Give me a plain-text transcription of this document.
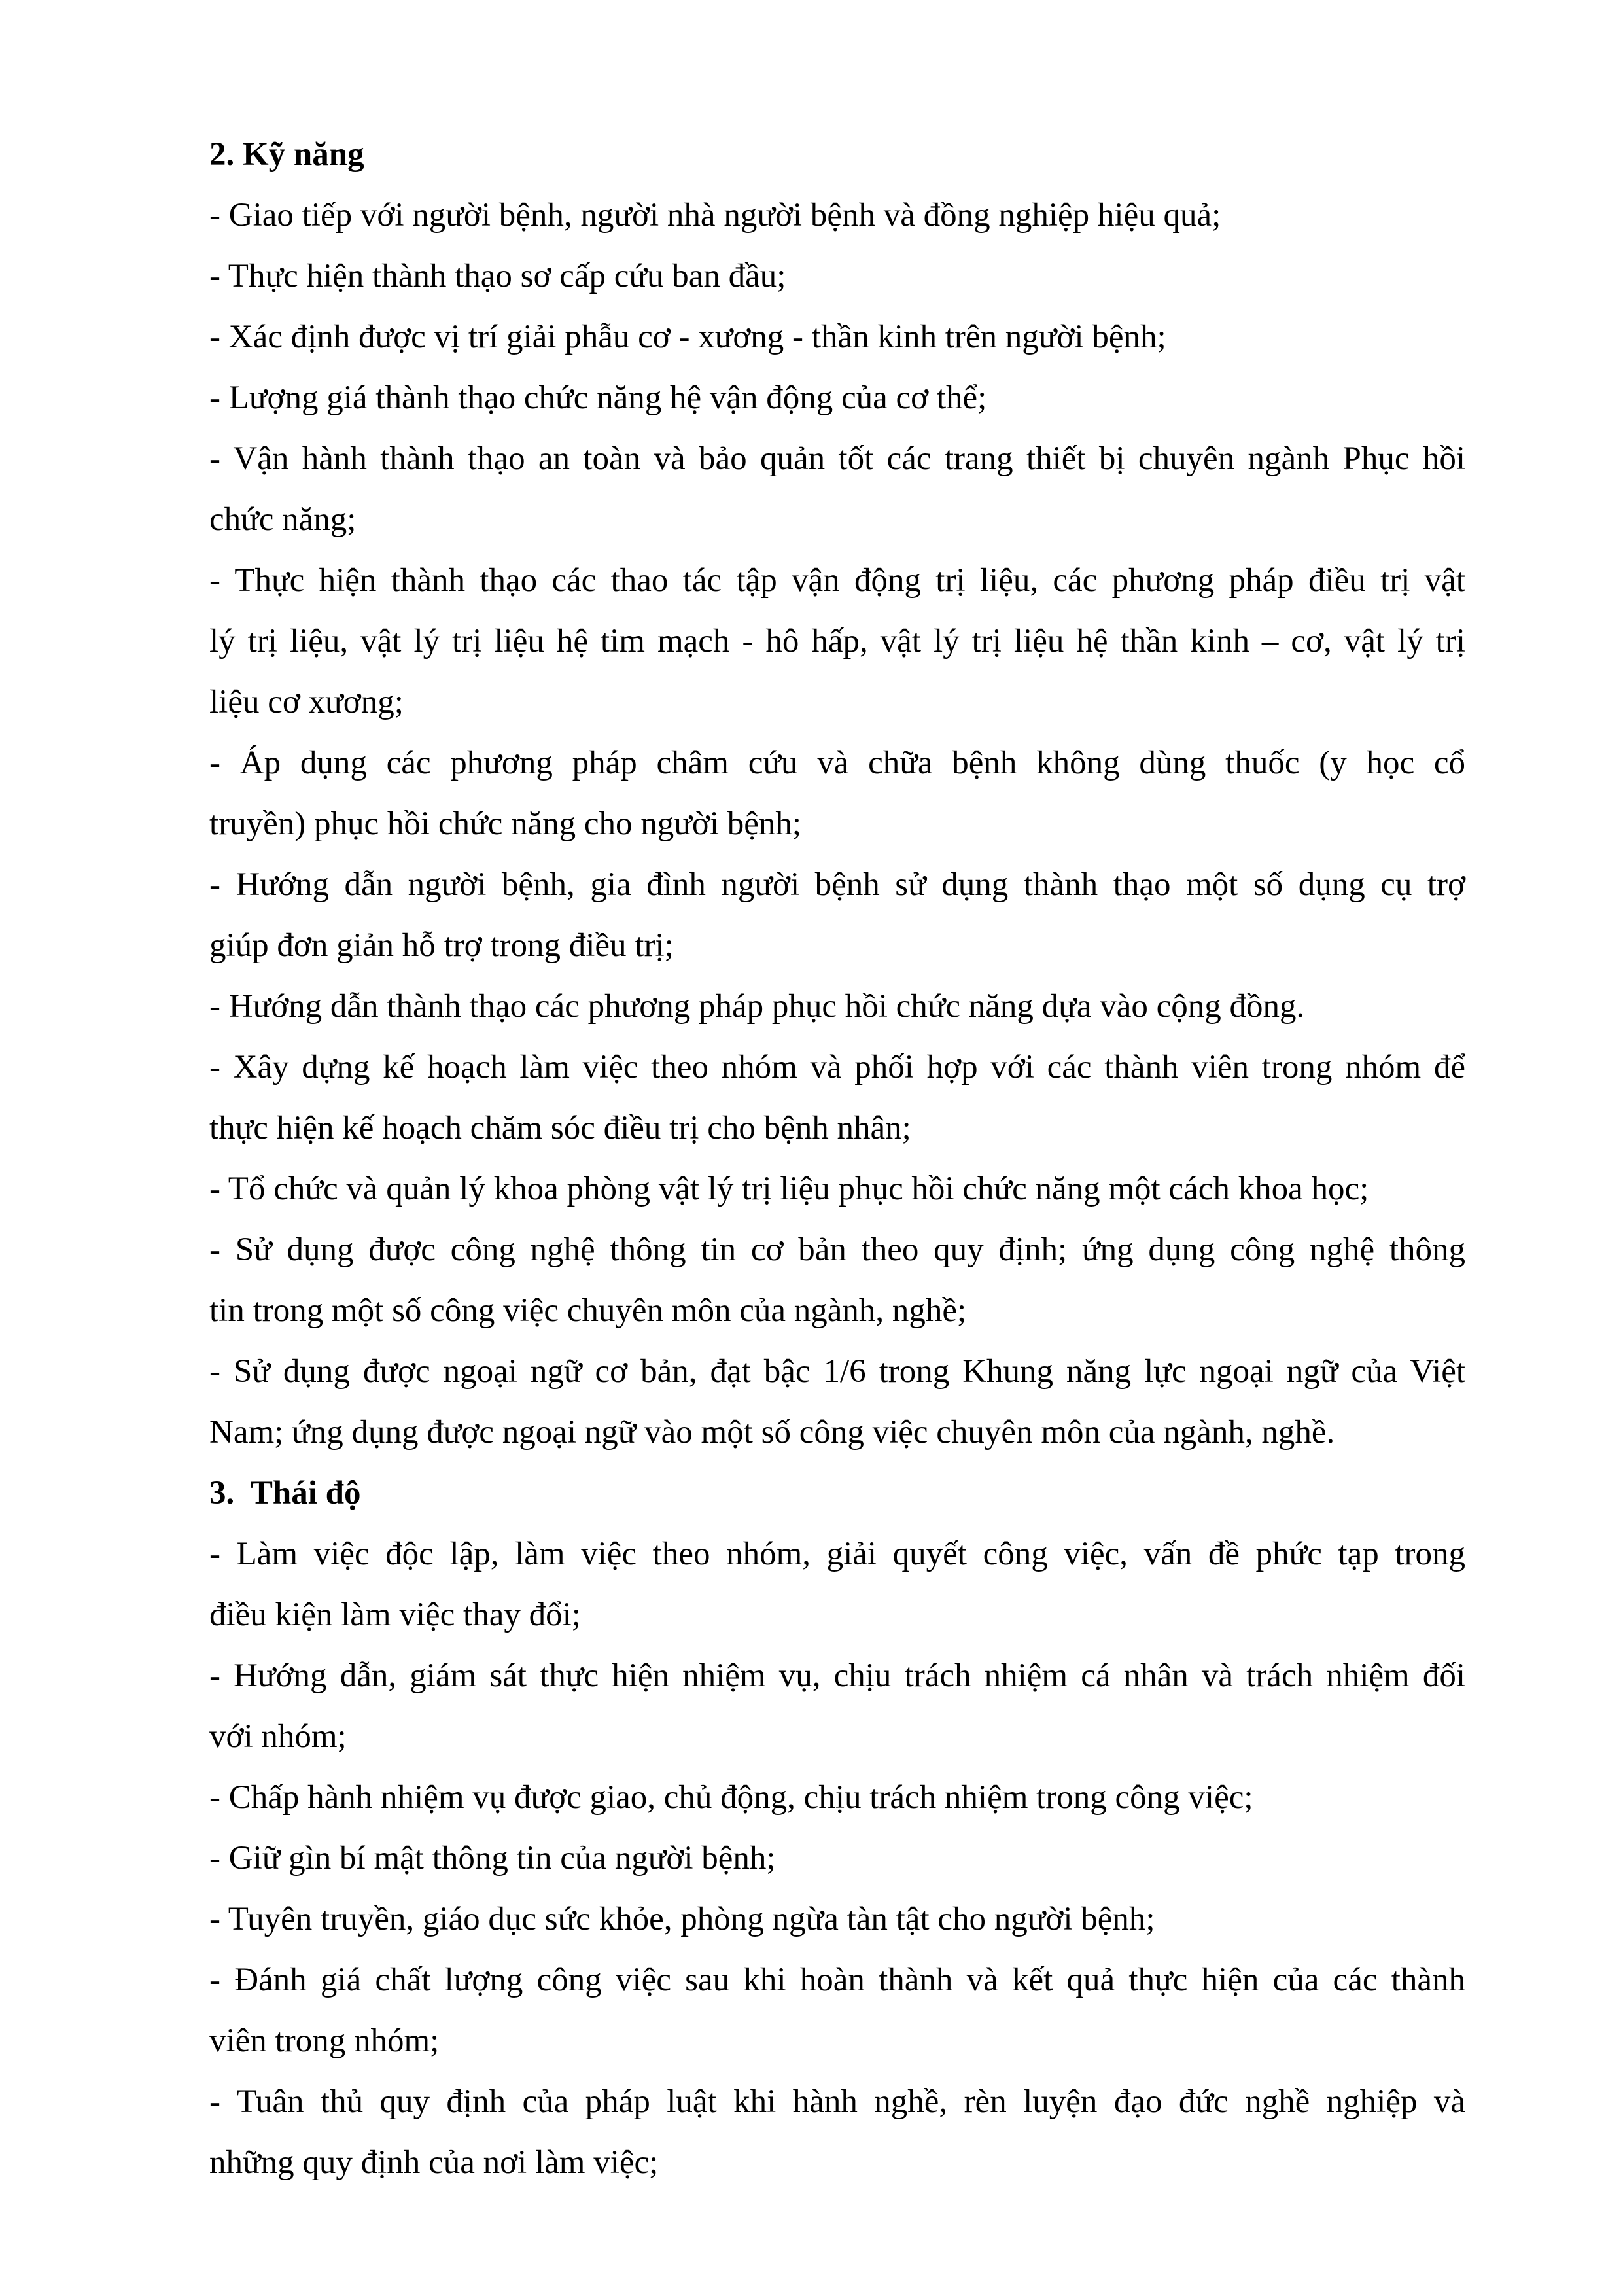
2. Kỹ năng
- Giao tiếp với người bệnh, người nhà người bệnh và đồng nghiệp hiệu quả;
- Thực hiện thành thạo sơ cấp cứu ban đầu;
- Xác định được vị trí giải phẫu cơ - xương - thần kinh trên người bệnh;
- Lượng giá thành thạo chức năng hệ vận động của cơ thể;
- Vận hành thành thạo an toàn và bảo quản tốt các trang thiết bị chuyên ngành Phục hồi
chức năng;
- Thực hiện thành thạo các thao tác tập vận động trị liệu, các phương pháp điều trị vật
lý trị liệu, vật lý trị liệu hệ tim mạch - hô hấp, vật lý trị liệu hệ thần kinh – cơ, vật lý trị
liệu cơ xương;
- Áp dụng các phương pháp châm cứu và chữa bệnh không dùng thuốc (y học cổ
truyền) phục hồi chức năng cho người bệnh;
- Hướng dẫn người bệnh, gia đình người bệnh sử dụng thành thạo một số dụng cụ trợ
giúp đơn giản hỗ trợ trong điều trị;
- Hướng dẫn thành thạo các phương pháp phục hồi chức năng dựa vào cộng đồng.
- Xây dựng kế hoạch làm việc theo nhóm và phối hợp với các thành viên trong nhóm để
thực hiện kế hoạch chăm sóc điều trị cho bệnh nhân;
- Tổ chức và quản lý khoa phòng vật lý trị liệu phục hồi chức năng một cách khoa học;
- Sử dụng được công nghệ thông tin cơ bản theo quy định; ứng dụng công nghệ thông
tin trong một số công việc chuyên môn của ngành, nghề;
- Sử dụng được ngoại ngữ cơ bản, đạt bậc 1/6 trong Khung năng lực ngoại ngữ của Việt
Nam; ứng dụng được ngoại ngữ vào một số công việc chuyên môn của ngành, nghề.
3.  Thái độ
- Làm việc độc lập, làm việc theo nhóm, giải quyết công việc, vấn đề phức tạp trong
điều kiện làm việc thay đổi;
- Hướng dẫn, giám sát thực hiện nhiệm vụ, chịu trách nhiệm cá nhân và trách nhiệm đối
với nhóm;
- Chấp hành nhiệm vụ được giao, chủ động, chịu trách nhiệm trong công việc;
- Giữ gìn bí mật thông tin của người bệnh;
- Tuyên truyền, giáo dục sức khỏe, phòng ngừa tàn tật cho người bệnh;
- Đánh giá chất lượng công việc sau khi hoàn thành và kết quả thực hiện của các thành
viên trong nhóm;
- Tuân thủ quy định của pháp luật khi hành nghề, rèn luyện đạo đức nghề nghiệp và
những quy định của nơi làm việc;
